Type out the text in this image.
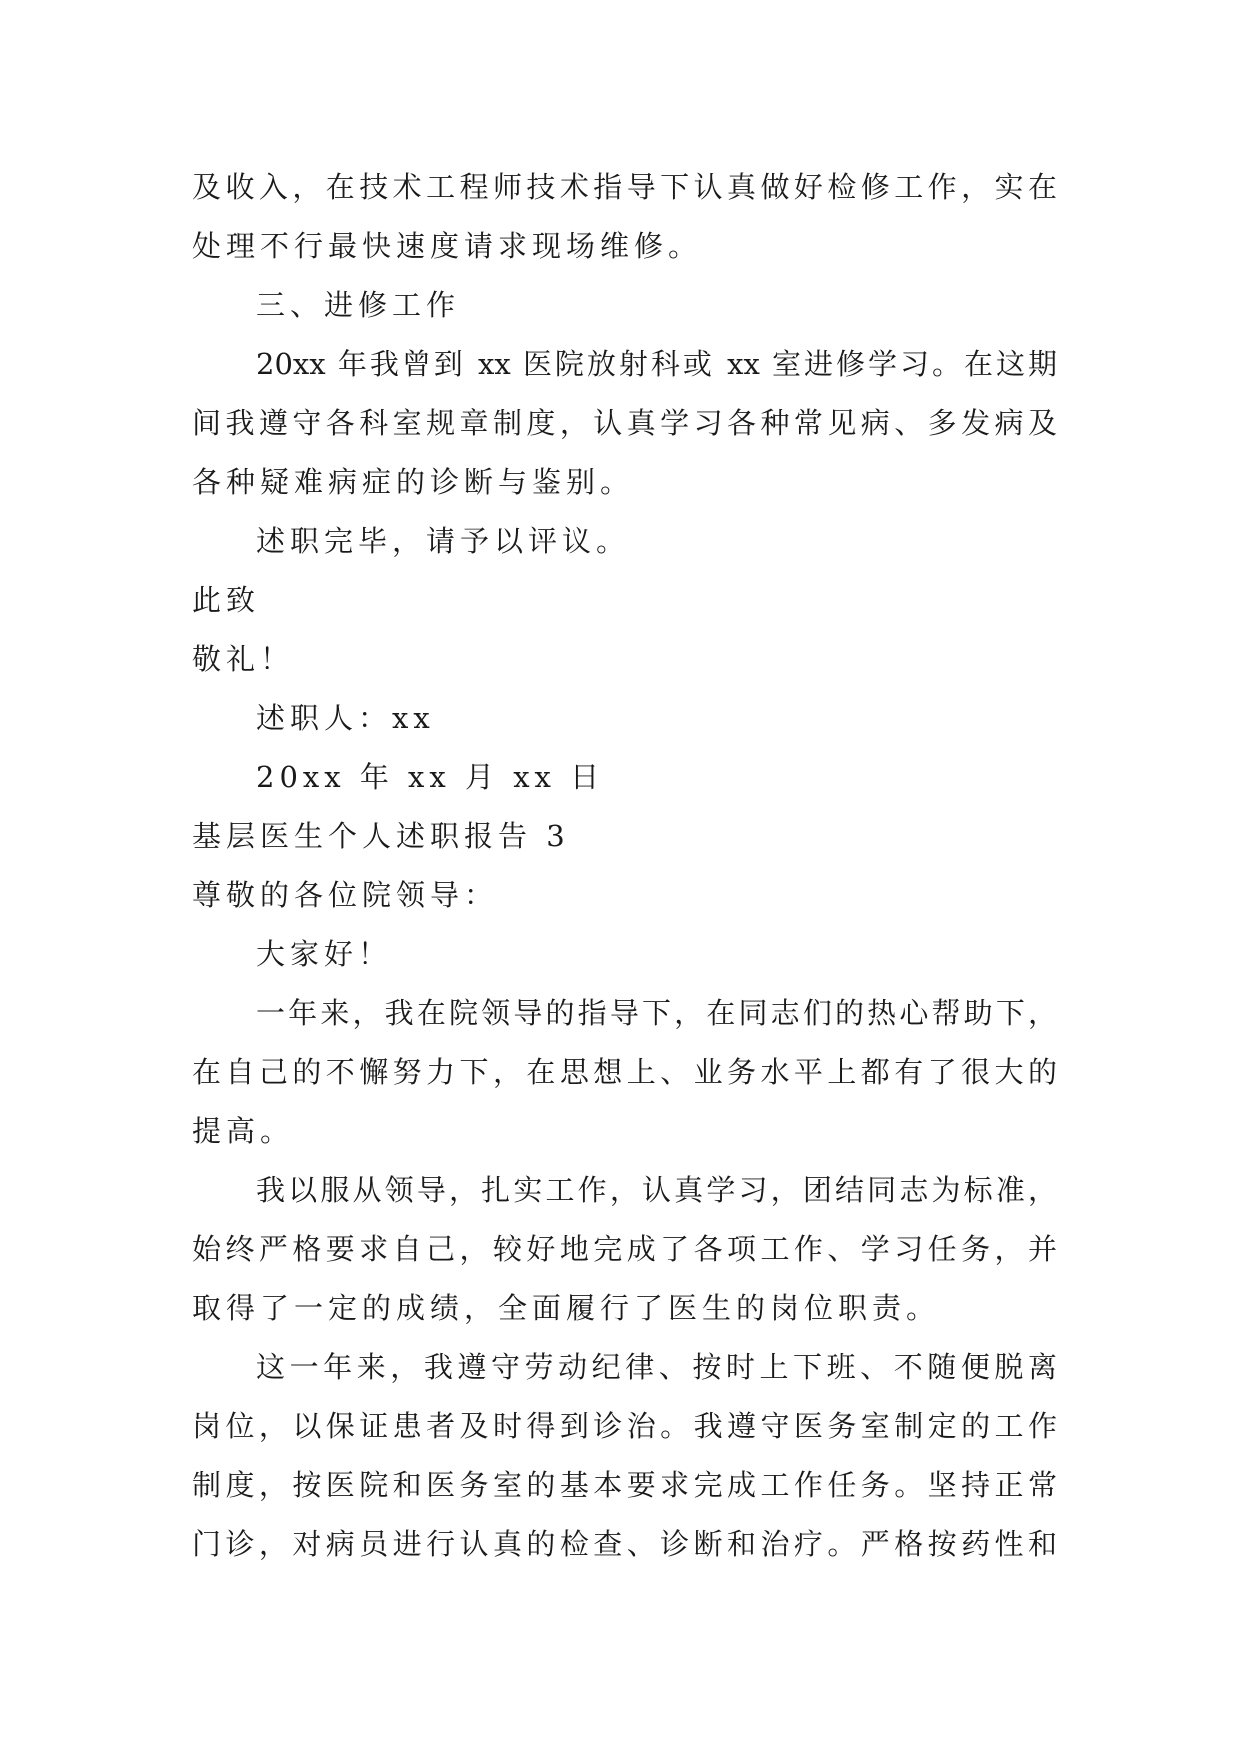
及收入，在技术工程师技术指导下认真做好检修工作，实在
处理不行最快速度请求现场维修。
三、进修工作
20xx 年我曾到 xx 医院放射科或 xx 室进修学习。在这期
间我遵守各科室规章制度，认真学习各种常见病、多发病及
各种疑难病症的诊断与鉴别。
述职完毕，请予以评议。
此致
敬礼！
述职人：xx
20xx 年 xx 月 xx 日
基层医生个人述职报告 3
尊敬的各位院领导：
大家好！
一年来，我在院领导的指导下，在同志们的热心帮助下，
在自己的不懈努力下，在思想上、业务水平上都有了很大的
提高。
我以服从领导，扎实工作，认真学习，团结同志为标准，
始终严格要求自己，较好地完成了各项工作、学习任务，并
取得了一定的成绩，全面履行了医生的岗位职责。
这一年来，我遵守劳动纪律、按时上下班、不随便脱离
岗位，以保证患者及时得到诊治。我遵守医务室制定的工作
制度，按医院和医务室的基本要求完成工作任务。坚持正常
门诊，对病员进行认真的检查、诊断和治疗。严格按药性和
